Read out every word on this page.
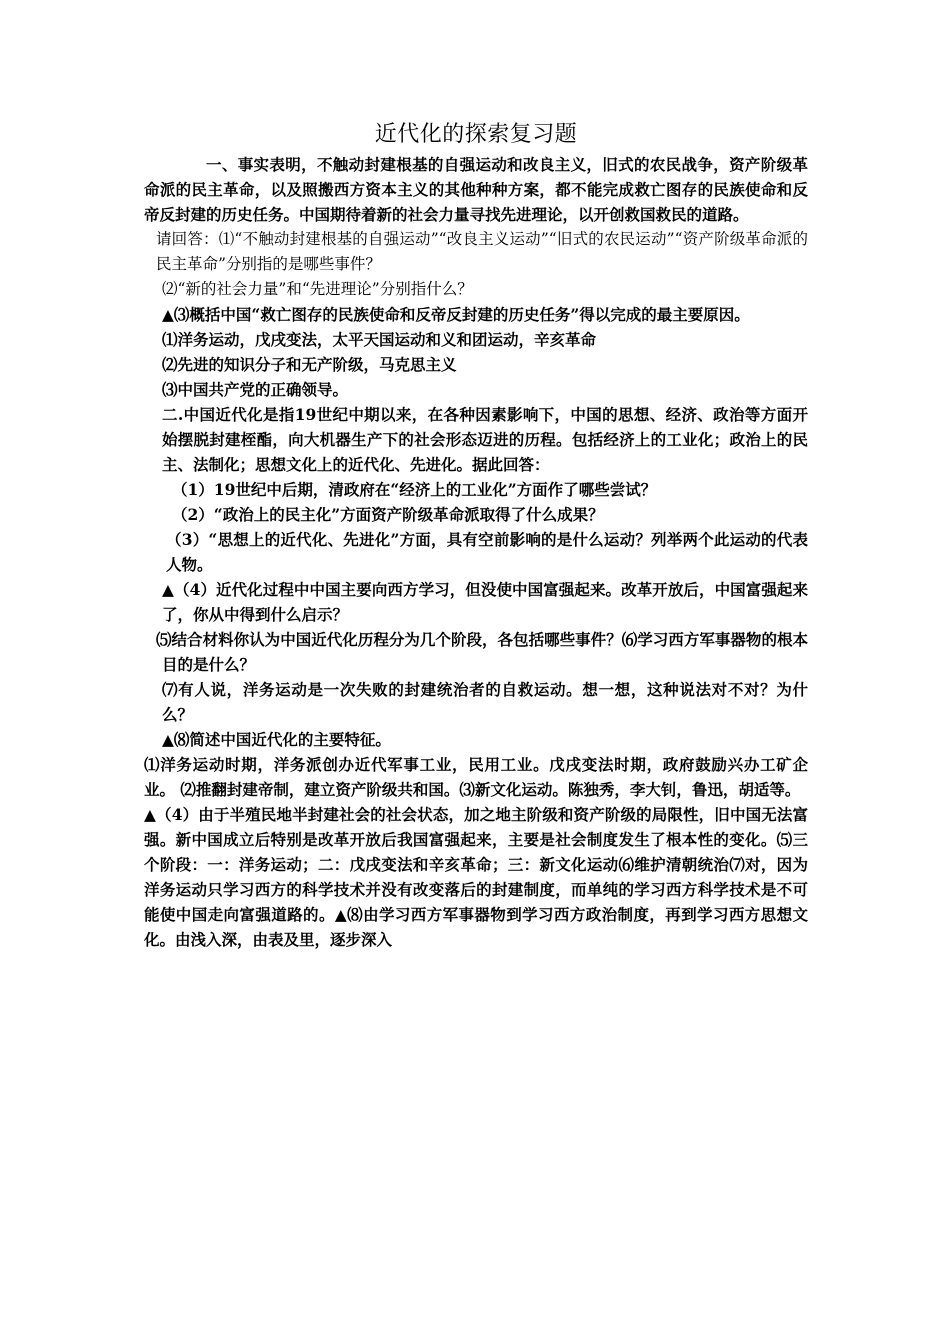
近代化的探索复习题

一、事实表明，不触动封建根基的自强运动和改良主义，旧式的农民战争，资产阶级革命派的民主革命，以及照搬西方资本主义的其他种种方案，都不能完成救亡图存的民族使命和反帝反封建的历史任务。中国期待着新的社会力量寻找先进理论，以开创救国救民的道路。

请回答：⑴“不触动封建根基的自强运动”“改良主义运动”“旧式的农民运动”“资产阶级革命派的民主革命”分别指的是哪些事件？

⑵“新的社会力量”和“先进理论”分别指什么？

▲⑶概括中国“救亡图存的民族使命和反帝反封建的历史任务”得以完成的最主要原因。

⑴洋务运动，戊戌变法，太平天国运动和义和团运动，辛亥革命

⑵先进的知识分子和无产阶级，马克思主义

⑶中国共产党的正确领导。

二.中国近代化是指19世纪中期以来，在各种因素影响下，中国的思想、经济、政治等方面开始摆脱封建桎酯，向大机器生产下的社会形态迈进的历程。包括经济上的工业化；政治上的民主、法制化；思想文化上的近代化、先进化。据此回答：

（1）19世纪中后期，清政府在“经济上的工业化”方面作了哪些尝试？

（2）“政治上的民主化”方面资产阶级革命派取得了什么成果？

（3）“思想上的近代化、先进化”方面，具有空前影响的是什么运动？列举两个此运动的代表人物。

▲（4）近代化过程中中国主要向西方学习，但没使中国富强起来。改革开放后，中国富强起来了，你从中得到什么启示？

⑸结合材料你认为中国近代化历程分为几个阶段，各包括哪些事件？⑹学习西方军事器物的根本目的是什么？

⑺有人说，洋务运动是一次失败的封建统治者的自救运动。想一想，这种说法对不对？为什么？

▲⑻简述中国近代化的主要特征。

⑴洋务运动时期，洋务派创办近代军事工业，民用工业。戊戌变法时期，政府鼓励兴办工矿企业。 ⑵推翻封建帝制，建立资产阶级共和国。⑶新文化运动。陈独秀，李大钊，鲁迅，胡适等。

▲（4）由于半殖民地半封建社会的社会状态，加之地主阶级和资产阶级的局限性，旧中国无法富强。新中国成立后特别是改革开放后我国富强起来，主要是社会制度发生了根本性的变化。⑸三个阶段：一：洋务运动；二：戊戌变法和辛亥革命；三：新文化运动⑹维护清朝统治⑺对，因为洋务运动只学习西方的科学技术并没有改变落后的封建制度，而单纯的学习西方科学技术是不可能使中国走向富强道路的。▲⑻由学习西方军事器物到学习西方政治制度，再到学习西方思想文化。由浅入深，由表及里，逐步深入
